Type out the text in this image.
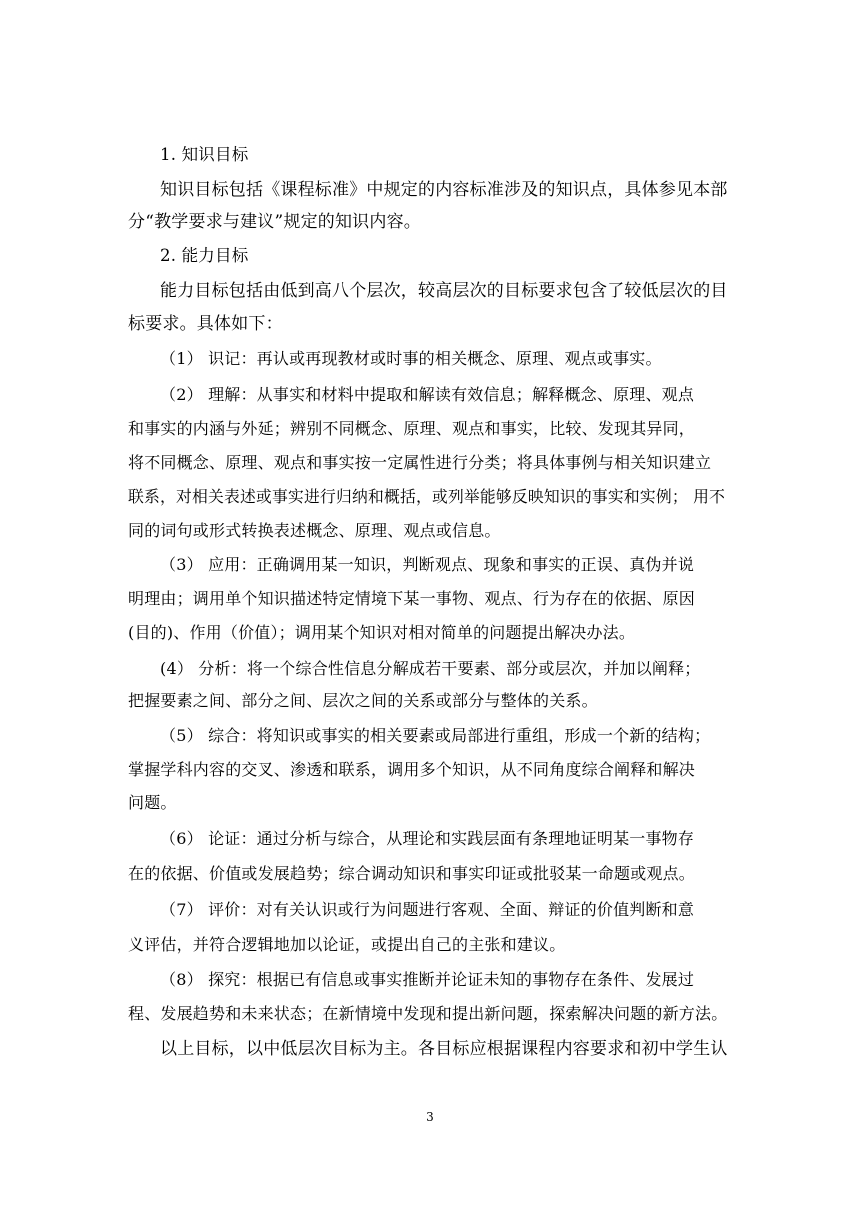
1. 知识目标
知识目标包括《课程标准》中规定的内容标准涉及的知识点，具体参见本部
分“教学要求与建议”规定的知识内容。
2. 能力目标
能力目标包括由低到高八个层次，较高层次的目标要求包含了较低层次的目
标要求。具体如下：
（1） 识记：再认或再现教材或时事的相关概念、原理、观点或事实。
（2） 理解：从事实和材料中提取和解读有效信息；解释概念、原理、观点
和事实的内涵与外延；辨别不同概念、原理、观点和事实，比较、发现其异同，
将不同概念、原理、观点和事实按一定属性进行分类；将具体事例与相关知识建立
联系，对相关表述或事实进行归纳和概括，或列举能够反映知识的事实和实例； 用不
同的词句或形式转换表述概念、原理、观点或信息。
（3） 应用：正确调用某一知识，判断观点、现象和事实的正误、真伪并说
明理由；调用单个知识描述特定情境下某一事物、观点、行为存在的依据、原因
(目的)、作用（价值）；调用某个知识对相对简单的问题提出解决办法。
(4） 分析：将一个综合性信息分解成若干要素、部分或层次，并加以阐释；
把握要素之间、部分之间、层次之间的关系或部分与整体的关系。
（5） 综合：将知识或事实的相关要素或局部进行重组，形成一个新的结构；
掌握学科内容的交叉、渗透和联系，调用多个知识，从不同角度综合阐释和解决
问题。
（6） 论证：通过分析与综合，从理论和实践层面有条理地证明某一事物存
在的依据、价值或发展趋势；综合调动知识和事实印证或批驳某一命题或观点。
（7） 评价：对有关认识或行为问题进行客观、全面、辩证的价值判断和意
义评估，并符合逻辑地加以论证，或提出自己的主张和建议。
（8） 探究：根据已有信息或事实推断并论证未知的事物存在条件、发展过
程、发展趋势和未来状态；在新情境中发现和提出新问题，探索解决问题的新方法。
以上目标，以中低层次目标为主。各目标应根据课程内容要求和初中学生认
3
